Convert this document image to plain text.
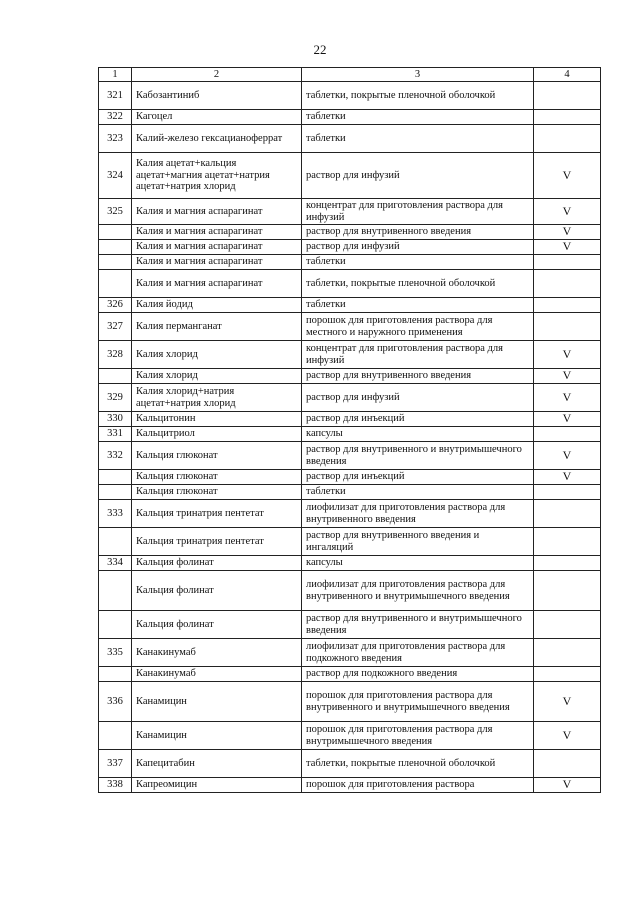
22
1	2	3	4
321	Кабозантиниб	таблетки, покрытые пленочной оболочкой	
322	Кагоцел	таблетки	
323	Калий-железо гексацианоферрат	таблетки	
324	Калия ацетат+кальция ацетат+магния ацетат+натрия ацетат+натрия хлорид	раствор для инфузий	V
325	Калия и магния аспарагинат	концентрат для приготовления раствора для инфузий	V
	Калия и магния аспарагинат	раствор для внутривенного введения	V
	Калия и магния аспарагинат	раствор для инфузий	V
	Калия и магния аспарагинат	таблетки	
	Калия и магния аспарагинат	таблетки, покрытые пленочной оболочкой	
326	Калия йодид	таблетки	
327	Калия перманганат	порошок для приготовления раствора для местного и наружного применения	
328	Калия хлорид	концентрат для приготовления раствора для инфузий	V
	Калия хлорид	раствор для внутривенного введения	V
329	Калия хлорид+натрия ацетат+натрия хлорид	раствор для инфузий	V
330	Кальцитонин	раствор для инъекций	V
331	Кальцитриол	капсулы	
332	Кальция глюконат	раствор для внутривенного и внутримышечного введения	V
	Кальция глюконат	раствор для инъекций	V
	Кальция глюконат	таблетки	
333	Кальция тринатрия пентетат	лиофилизат для приготовления раствора для внутривенного введения	
	Кальция тринатрия пентетат	раствор для внутривенного введения и ингаляций	
334	Кальция фолинат	капсулы	
	Кальция фолинат	лиофилизат для приготовления раствора для внутривенного и внутримышечного введения	
	Кальция фолинат	раствор для внутривенного и внутримышечного введения	
335	Канакинумаб	лиофилизат для приготовления раствора для подкожного введения	
	Канакинумаб	раствор для подкожного введения	
336	Канамицин	порошок для приготовления раствора для внутривенного и внутримышечного введения	V
	Канамицин	порошок для приготовления раствора для внутримышечного введения	V
337	Капецитабин	таблетки, покрытые пленочной оболочкой	
338	Капреомицин	порошок для приготовления раствора	V
